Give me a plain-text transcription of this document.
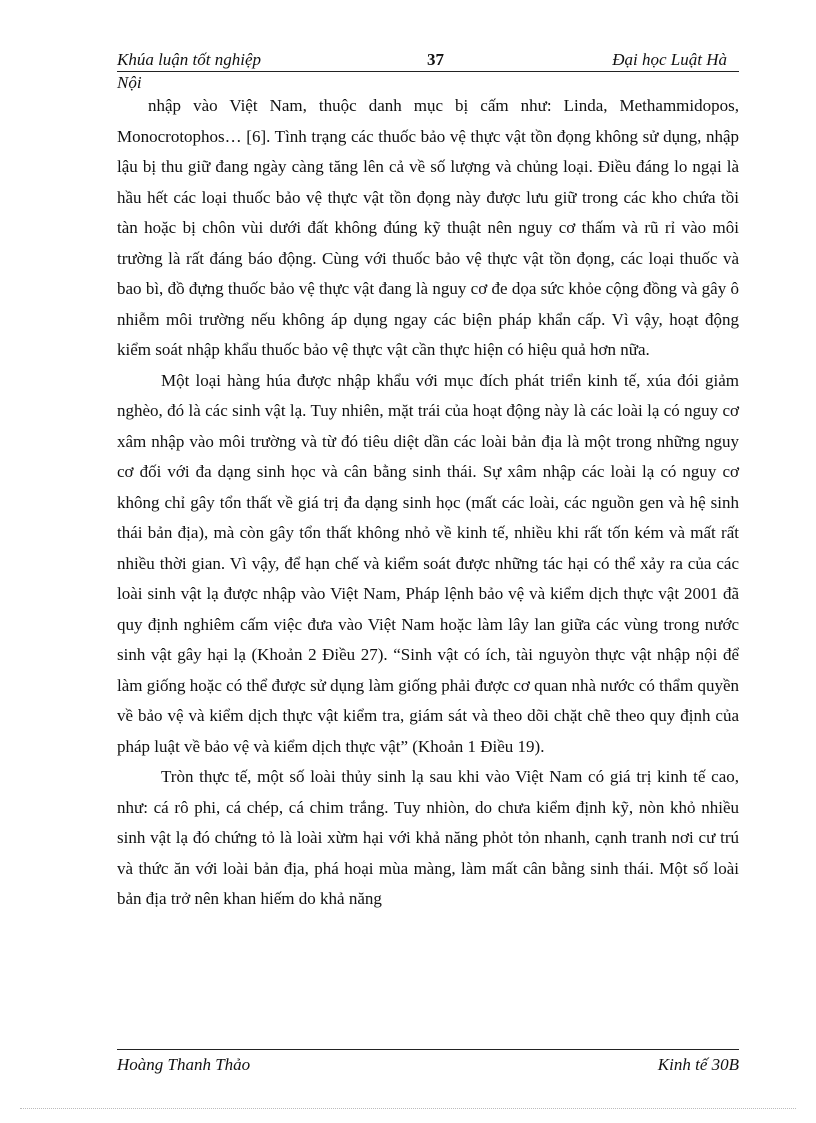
Khúa luận tốt nghiệp	37	Đại học Luật Hà
Nội

nhập vào Việt Nam, thuộc danh mục bị cấm như: Linda, Methammidopos, Monocrotophos… [6]. Tình trạng các thuốc bảo vệ thực vật tồn đọng không sử dụng, nhập lậu bị thu giữ đang ngày càng tăng lên cả về số lượng và chủng loại. Điều đáng lo ngại là hầu hết các loại thuốc bảo vệ thực vật tồn đọng này được lưu giữ trong các kho chứa tồi tàn hoặc bị chôn vùi dưới đất không đúng kỹ thuật nên nguy cơ thấm và rũ rỉ vào môi trường là rất đáng báo động. Cùng với thuốc bảo vệ thực vật tồn đọng, các loại thuốc và bao bì, đồ đựng thuốc bảo vệ thực vật đang là nguy cơ đe dọa sức khỏe cộng đồng và gây ô nhiễm môi trường nếu không áp dụng ngay các biện pháp khẩn cấp. Vì vậy, hoạt động kiểm soát nhập khẩu thuốc bảo vệ thực vật cần thực hiện có hiệu quả hơn nữa.

Một loại hàng húa được nhập khẩu với mục đích phát triển kinh tế, xúa đói giảm nghèo, đó là các sinh vật lạ. Tuy nhiên, mặt trái của hoạt động này là các loài lạ có nguy cơ xâm nhập vào môi trường và từ đó tiêu diệt dần các loài bản địa là một trong những nguy cơ đối với đa dạng sinh học và cân bằng sinh thái. Sự xâm nhập các loài lạ có nguy cơ không chỉ gây tổn thất về giá trị đa dạng sinh học (mất các loài, các nguồn gen và hệ sinh thái bản địa), mà còn gây tổn thất không nhỏ về kinh tế, nhiều khi rất tốn kém và mất rất nhiều thời gian. Vì vậy, để hạn chế và kiểm soát được những tác hại có thể xảy ra của các loài sinh vật lạ được nhập vào Việt Nam, Pháp lệnh bảo vệ và kiểm dịch thực vật 2001 đã quy định nghiêm cấm việc đưa vào Việt Nam hoặc làm lây lan giữa các vùng trong nước sinh vật gây hại lạ (Khoản 2 Điều 27). “Sinh vật có ích, tài nguyòn thực vật nhập nội để làm giống hoặc có thể được sử dụng làm giống phải được cơ quan nhà nước có thẩm quyền về bảo vệ và kiểm dịch thực vật kiểm tra, giám sát và theo dõi chặt chẽ theo quy định của pháp luật về bảo vệ và kiểm dịch thực vật” (Khoản 1 Điều 19).

Tròn thực tế, một số loài thủy sinh lạ sau khi vào Việt Nam có giá trị kinh tế cao, như: cá rô phi, cá chép, cá chim trắng. Tuy nhiòn, do chưa kiểm định kỹ, nòn khỏ nhiều sinh vật lạ đó chứng tỏ là loài xừm hại với khả năng phỏt tỏn nhanh, cạnh tranh nơi cư trú và thức ăn với loài bản địa, phá hoại mùa màng, làm mất cân bằng sinh thái. Một số loài bản địa trở nên khan hiếm do khả năng

Hoàng Thanh Thảo	Kinh tế 30B
